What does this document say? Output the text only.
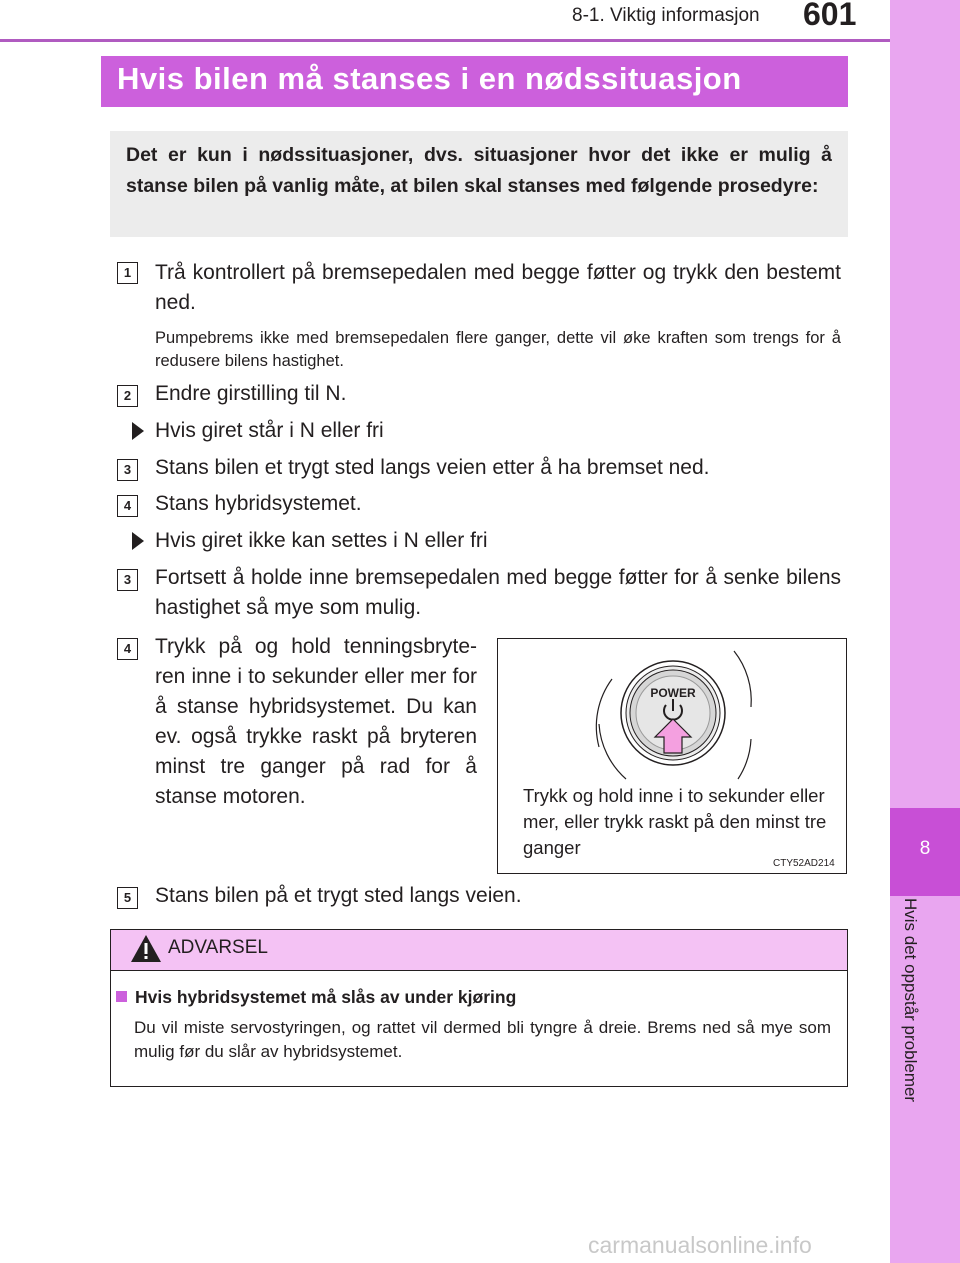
8-1. Viktig informasjon 601
8
Hvis det oppstår problemer
Hvis bilen må stanses i en nødssituasjon
Det er kun i nødssituasjoner, dvs. situasjoner hvor det ikke er mulig å stanse bilen på vanlig måte, at bilen skal stanses med følgende prosedyre:
1	Trå kontrollert på bremsepedalen med begge føtter og trykk den bestemt ned.
Pumpebrems ikke med bremsepedalen flere ganger, dette vil øke kraften som trengs for å redusere bilens hastighet.
2	Endre girstilling til N.
Hvis giret står i N eller fri
3	Stans bilen et trygt sted langs veien etter å ha bremset ned.
4	Stans hybridsystemet.
Hvis giret ikke kan settes i N eller fri
3	Fortsett å holde inne bremsepedalen med begge føtter for å senke bilens hastighet så mye som mulig.
4	Trykk på og hold tenningsbryte-ren inne i to sekunder eller mer for å stanse hybridsystemet. Du kan ev. også trykke raskt på bryteren minst tre ganger på rad for å stanse motoren.
POWER
Trykk og hold inne i to sekunder eller mer, eller trykk raskt på den minst tre ganger
CTY52AD214
5	Stans bilen på et trygt sted langs veien.
ADVARSEL
Hvis hybridsystemet må slås av under kjøring
Du vil miste servostyringen, og rattet vil dermed bli tyngre å dreie. Brems ned så mye som mulig før du slår av hybridsystemet.
carmanualsonline.info
